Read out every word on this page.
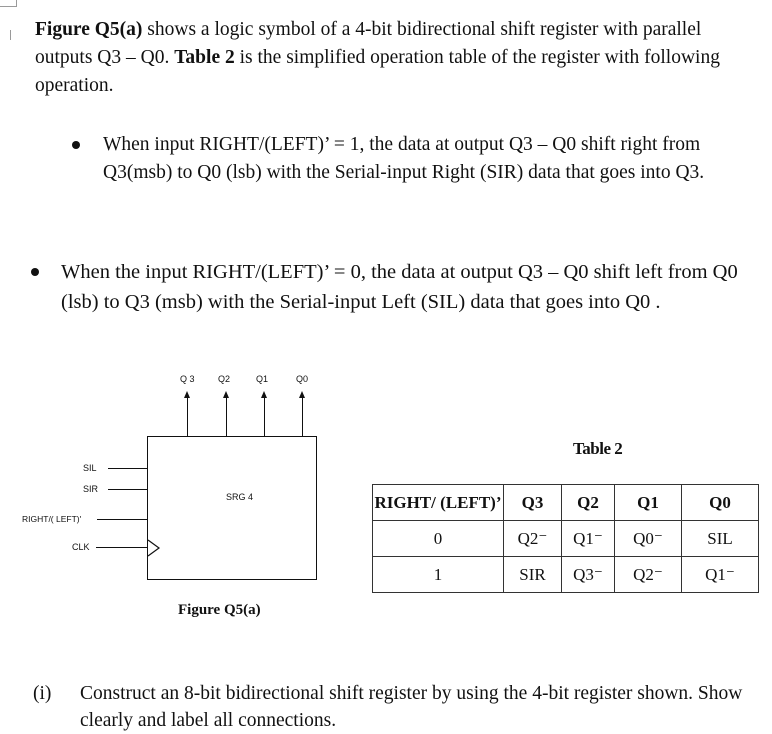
Figure Q5(a) shows a logic symbol of a 4-bit bidirectional shift register with parallel outputs Q3 – Q0. Table 2 is the simplified operation table of the register with following operation.
When input RIGHT/(LEFT)’ = 1, the data at output Q3 – Q0 shift right from Q3(msb) to Q0 (lsb) with the Serial-input Right (SIR) data that goes into Q3.
When the input RIGHT/(LEFT)’ = 0, the data at output Q3 – Q0 shift left from Q0 (lsb) to Q3 (msb) with the Serial-input Left (SIL) data that goes into Q0 .
Q 3	Q2	Q1	Q0
SRG 4
SIL
SIR
RIGHT/( LEFT)'
CLK
Figure Q5(a)
Table 2
RIGHT/ (LEFT)’	Q3	Q2	Q1	Q0
0	Q2⁻	Q1⁻	Q0⁻	SIL
1	SIR	Q3⁻	Q2⁻	Q1⁻
(i) Construct an 8-bit bidirectional shift register by using the 4-bit register shown. Show clearly and label all connections.
